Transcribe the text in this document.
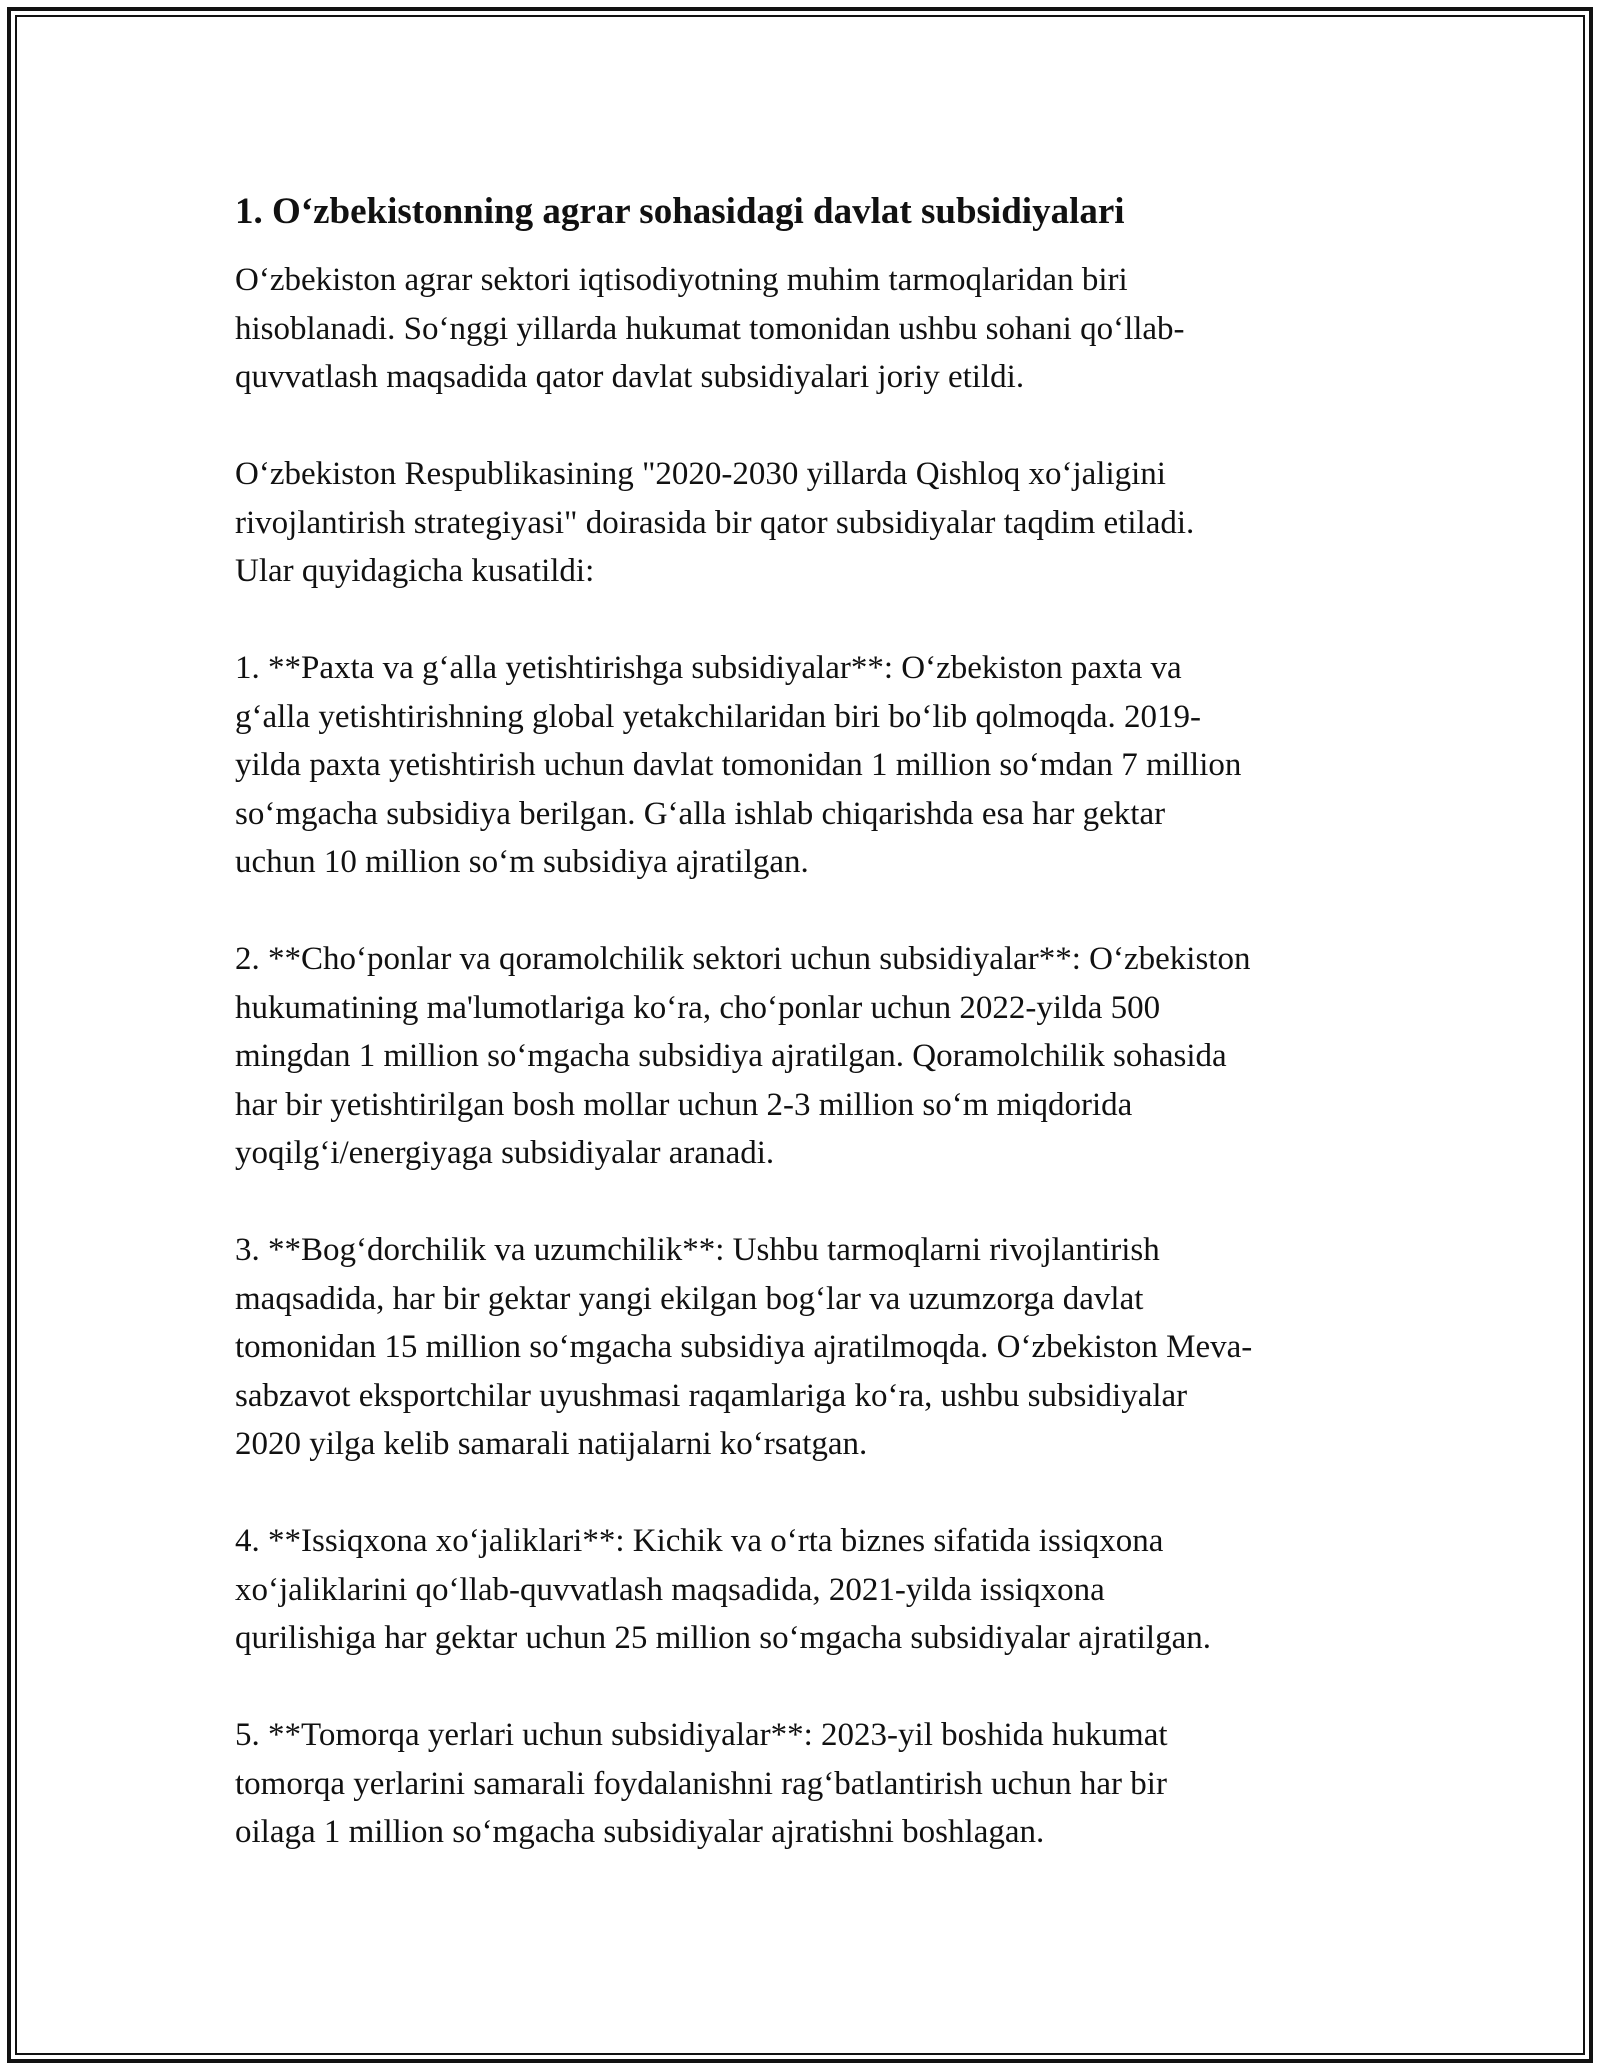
1. O‘zbekistonning agrar sohasidagi davlat subsidiyalari

O‘zbekiston agrar sektori iqtisodiyotning muhim tarmoqlaridan biri
hisoblanadi. So‘nggi yillarda hukumat tomonidan ushbu sohani qo‘llab-
quvvatlash maqsadida qator davlat subsidiyalari joriy etildi.

O‘zbekiston Respublikasining "2020-2030 yillarda Qishloq xo‘jaligini
rivojlantirish strategiyasi" doirasida bir qator subsidiyalar taqdim etiladi.
Ular quyidagicha kusatildi:

1. **Paxta va g‘alla yetishtirishga subsidiyalar**: O‘zbekiston paxta va
g‘alla yetishtirishning global yetakchilaridan biri bo‘lib qolmoqda. 2019-
yilda paxta yetishtirish uchun davlat tomonidan 1 million so‘mdan 7 million
so‘mgacha subsidiya berilgan. G‘alla ishlab chiqarishda esa har gektar
uchun 10 million so‘m subsidiya ajratilgan.

2. **Cho‘ponlar va qoramolchilik sektori uchun subsidiyalar**: O‘zbekiston
hukumatining ma'lumotlariga ko‘ra, cho‘ponlar uchun 2022-yilda 500
mingdan 1 million so‘mgacha subsidiya ajratilgan. Qoramolchilik sohasida
har bir yetishtirilgan bosh mollar uchun 2-3 million so‘m miqdorida
yoqilg‘i/energiyaga subsidiyalar aranadi.

3. **Bog‘dorchilik va uzumchilik**: Ushbu tarmoqlarni rivojlantirish
maqsadida, har bir gektar yangi ekilgan bog‘lar va uzumzorga davlat
tomonidan 15 million so‘mgacha subsidiya ajratilmoqda. O‘zbekiston Meva-
sabzavot eksportchilar uyushmasi raqamlariga ko‘ra, ushbu subsidiyalar
2020 yilga kelib samarali natijalarni ko‘rsatgan.

4. **Issiqxona xo‘jaliklari**: Kichik va o‘rta biznes sifatida issiqxona
xo‘jaliklarini qo‘llab-quvvatlash maqsadida, 2021-yilda issiqxona
qurilishiga har gektar uchun 25 million so‘mgacha subsidiyalar ajratilgan.

5. **Tomorqa yerlari uchun subsidiyalar**: 2023-yil boshida hukumat
tomorqa yerlarini samarali foydalanishni rag‘batlantirish uchun har bir
oilaga 1 million so‘mgacha subsidiyalar ajratishni boshlagan.
